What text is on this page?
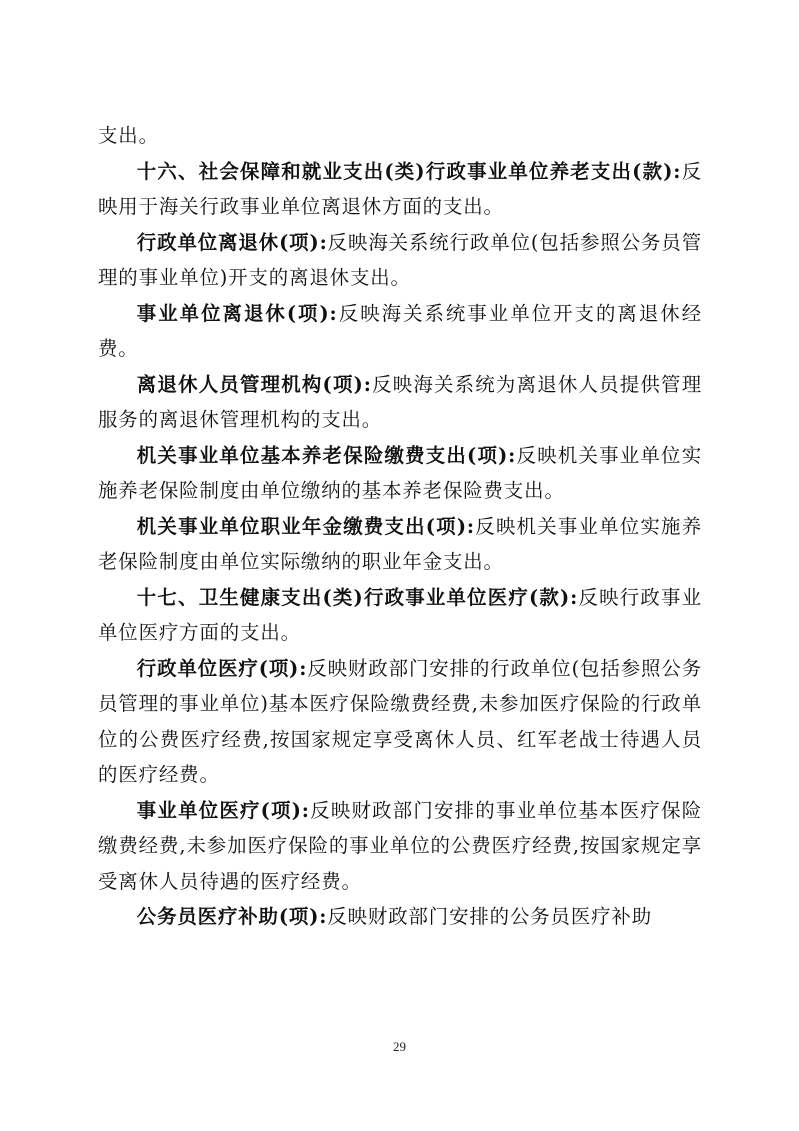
支出。

十六、社会保障和就业支出(类)行政事业单位养老支出(款):反映用于海关行政事业单位离退休方面的支出。

行政单位离退休(项):反映海关系统行政单位(包括参照公务员管理的事业单位)开支的离退休支出。

事业单位离退休(项):反映海关系统事业单位开支的离退休经费。

离退休人员管理机构(项):反映海关系统为离退休人员提供管理服务的离退休管理机构的支出。

机关事业单位基本养老保险缴费支出(项):反映机关事业单位实施养老保险制度由单位缴纳的基本养老保险费支出。

机关事业单位职业年金缴费支出(项):反映机关事业单位实施养老保险制度由单位实际缴纳的职业年金支出。

十七、卫生健康支出(类)行政事业单位医疗(款):反映行政事业单位医疗方面的支出。

行政单位医疗(项):反映财政部门安排的行政单位(包括参照公务员管理的事业单位)基本医疗保险缴费经费,未参加医疗保险的行政单位的公费医疗经费,按国家规定享受离休人员、红军老战士待遇人员的医疗经费。

事业单位医疗(项):反映财政部门安排的事业单位基本医疗保险缴费经费,未参加医疗保险的事业单位的公费医疗经费,按国家规定享受离休人员待遇的医疗经费。

公务员医疗补助(项):反映财政部门安排的公务员医疗补助

29
